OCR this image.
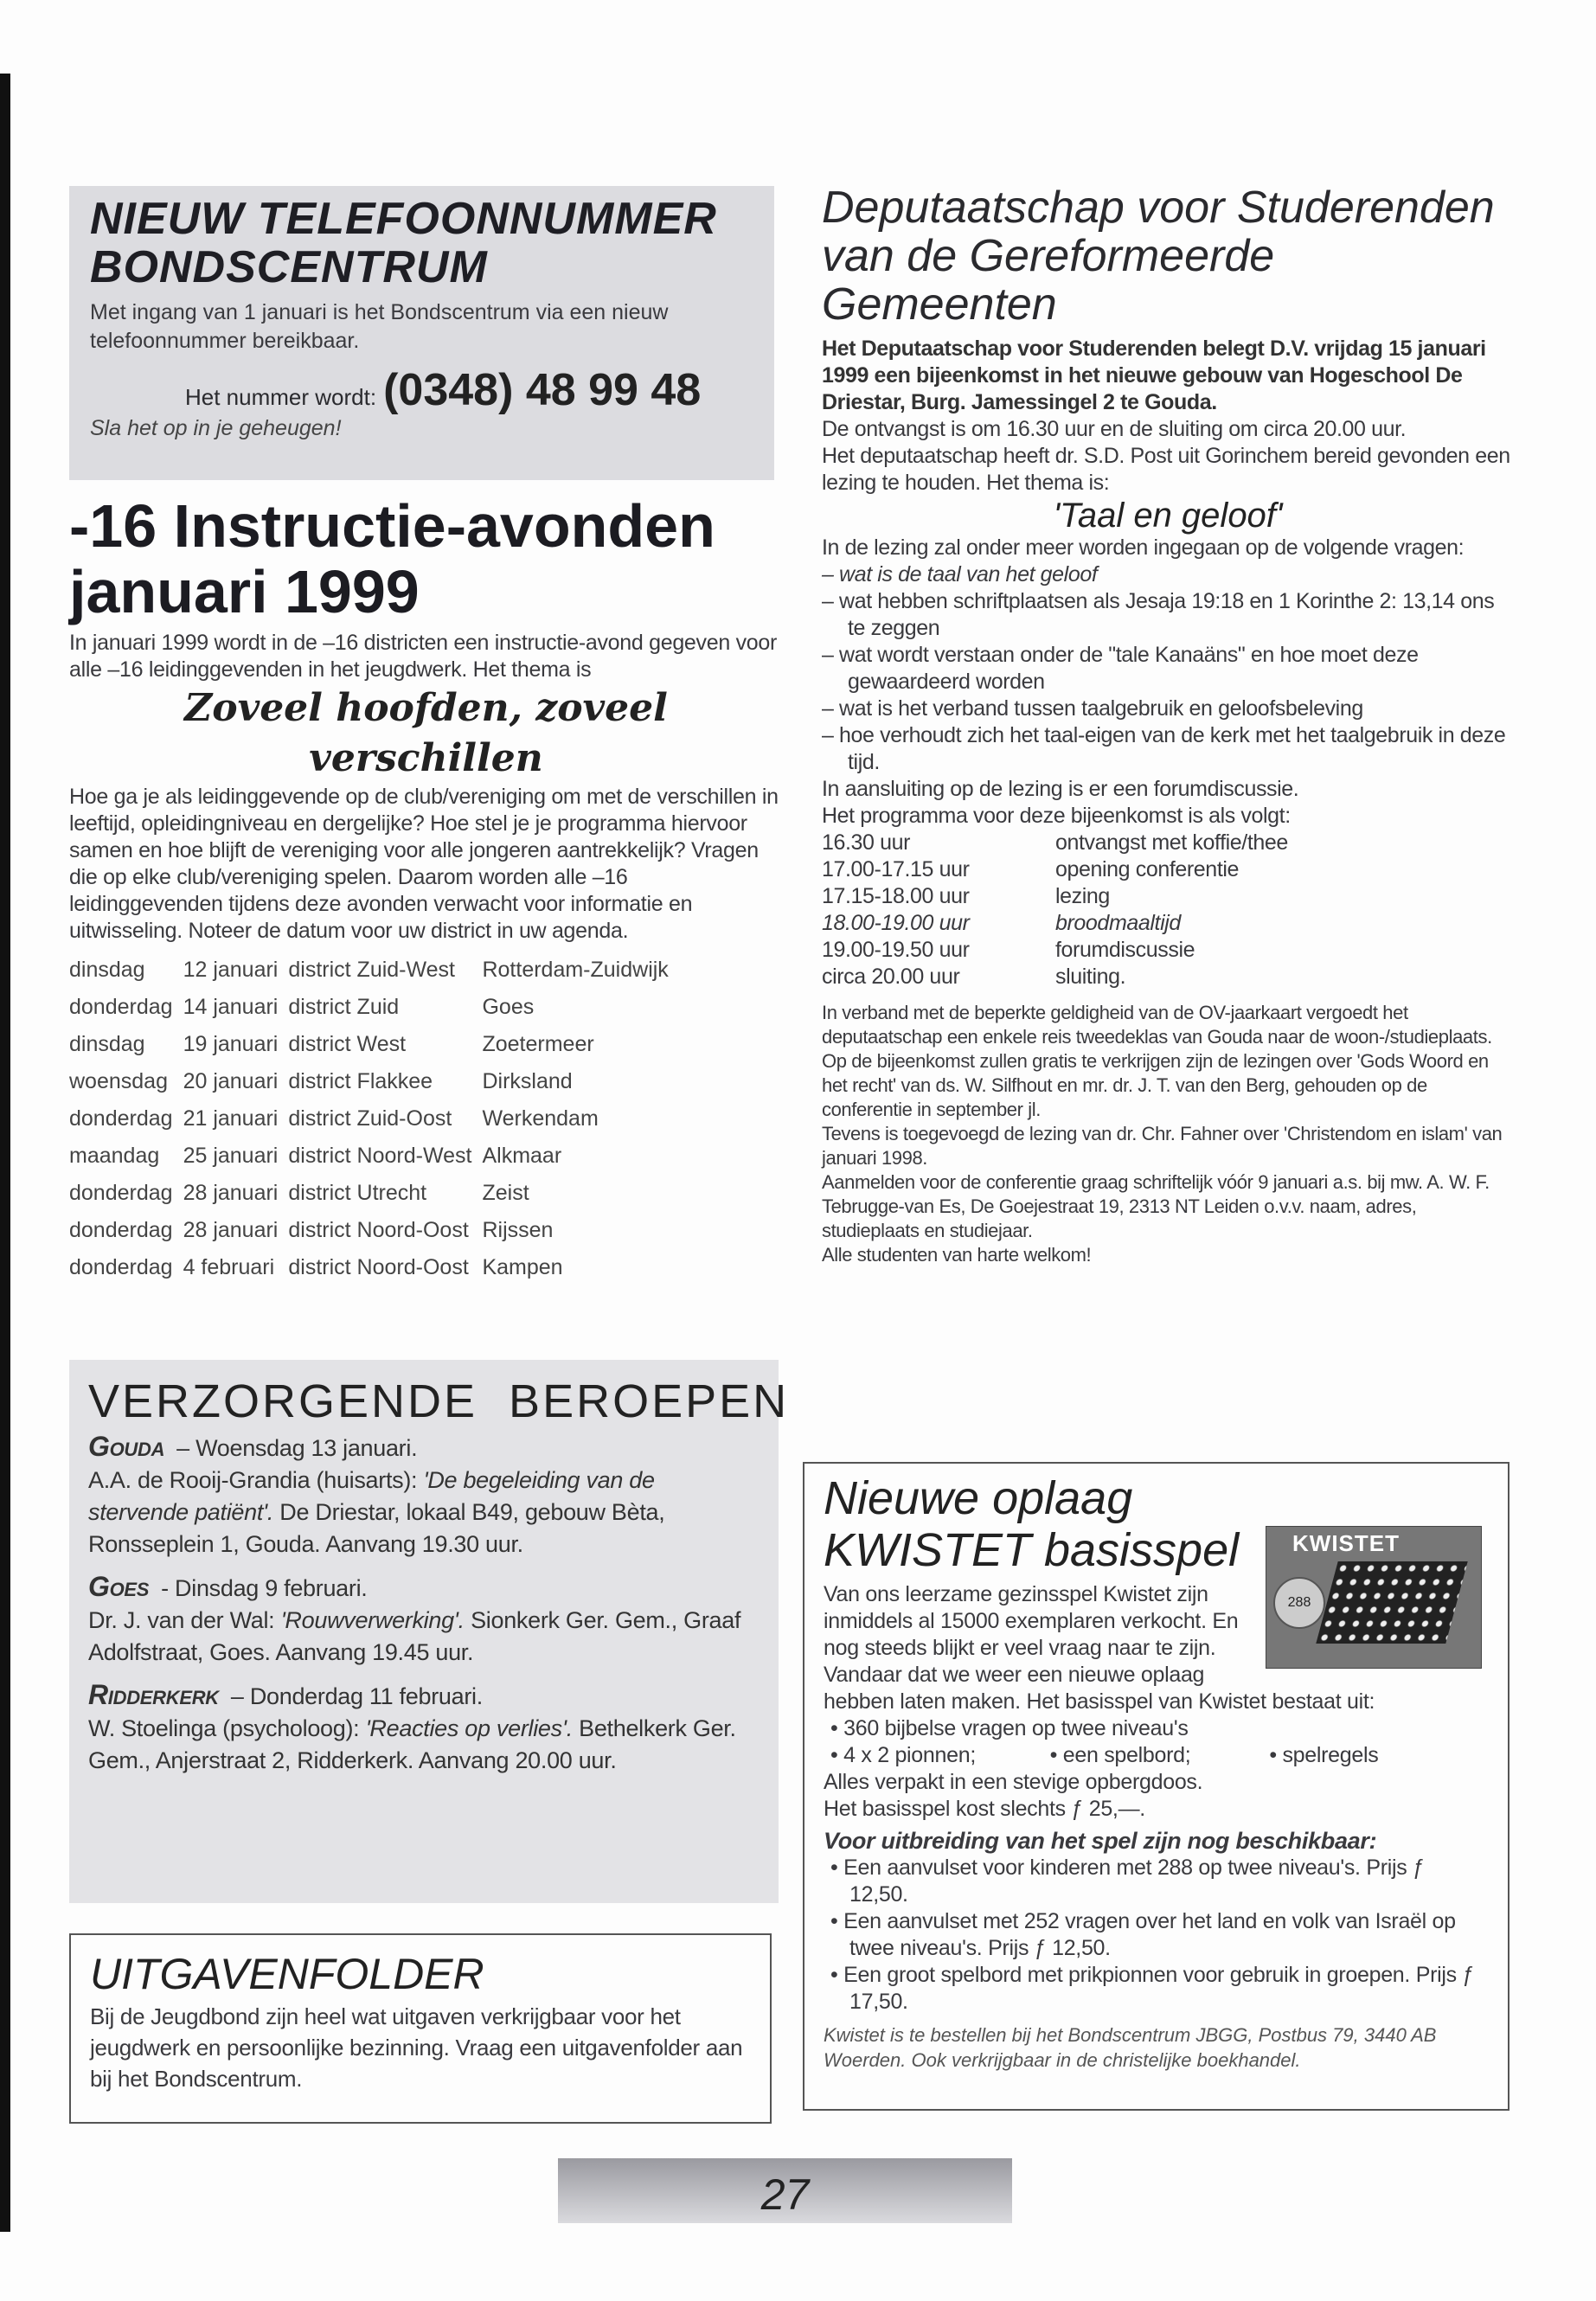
NIEUW TELEFOONNUMMER BONDSCENTRUM

Met ingang van 1 januari is het Bondscentrum via een nieuw telefoonnummer bereikbaar.

Het nummer wordt: (0348) 48 99 48
Sla het op in je geheugen!
-16 Instructie-avonden januari 1999

In januari 1999 wordt in de –16 districten een instructie-avond gegeven voor alle –16 leidinggevenden in het jeugdwerk. Het thema is

Zoveel hoofden, zoveel verschillen

Hoe ga je als leidinggevende op de club/vereniging om met de verschillen in leeftijd, opleidingniveau en dergelijke? Hoe stel je je programma hiervoor samen en hoe blijft de vereniging voor alle jongeren aantrekkelijk? Vragen die op elke club/vereniging spelen. Daarom worden alle –16 leidinggevenden tijdens deze avonden verwacht voor informatie en uitwisseling. Noteer de datum voor uw district in uw agenda.

dinsdag	12 januari	district Zuid-West	Rotterdam-Zuidwijk
donderdag	14 januari	district Zuid	Goes
dinsdag	19 januari	district West	Zoetermeer
woensdag	20 januari	district Flakkee	Dirksland
donderdag	21 januari	district Zuid-Oost	Werkendam
maandag	25 januari	district Noord-West	Alkmaar
donderdag	28 januari	district Utrecht	Zeist
donderdag	28 januari	district Noord-Oost	Rijssen
donderdag	4 februari	district Noord-Oost	Kampen
VERZORGENDE  BEROEPEN
Gouda – Woensdag 13 januari.

A.A. de Rooij-Grandia (huisarts): 'De begeleiding van de stervende patiënt'. De Driestar, lokaal B49, gebouw Bèta, Ronsseplein 1, Gouda. Aanvang 19.30 uur.

Goes - Dinsdag 9 februari.

Dr. J. van der Wal: 'Rouwverwerking'. Sionkerk Ger. Gem., Graaf Adolfstraat, Goes. Aanvang 19.45 uur.

Ridderkerk – Donderdag 11 februari.

W. Stoelinga (psycholoog): 'Reacties op verlies'. Bethelkerk Ger. Gem., Anjerstraat 2, Ridderkerk. Aanvang 20.00 uur.

UITGAVENFOLDER

Bij de Jeugdbond zijn heel wat uitgaven verkrijgbaar voor het jeugdwerk en persoonlijke bezinning. Vraag een uitgavenfolder aan bij het Bondscentrum.

Deputaatschap voor Studerenden van de Gereformeerde Gemeenten

Het Deputaatschap voor Studerenden belegt D.V. vrijdag 15 januari 1999 een bijeenkomst in het nieuwe gebouw van Hogeschool De Driestar, Burg. Jamessingel 2 te Gouda.

De ontvangst is om 16.30 uur en de sluiting om circa 20.00 uur.

Het deputaatschap heeft dr. S.D. Post uit Gorinchem bereid gevonden een lezing te houden. Het thema is:

'Taal en geloof'

In de lezing zal onder meer worden ingegaan op de volgende vragen:

– wat is de taal van het geloof
– wat hebben schriftplaatsen als Jesaja 19:18 en 1 Korinthe 2: 13,14 ons te zeggen
– wat wordt verstaan onder de "tale Kanaäns" en hoe moet deze gewaardeerd worden
– wat is het verband tussen taalgebruik en geloofsbeleving
– hoe verhoudt zich het taal-eigen van de kerk met het taalgebruik in deze tijd.

In aansluiting op de lezing is er een forumdiscussie.

Het programma voor deze bijeenkomst is als volgt:

16.30 uur	ontvangst met koffie/thee
17.00-17.15 uur	opening conferentie
17.15-18.00 uur	lezing
18.00-19.00 uur	broodmaaltijd
19.00-19.50 uur	forumdiscussie
circa 20.00 uur	sluiting.

In verband met de beperkte geldigheid van de OV-jaarkaart vergoedt het deputaatschap een enkele reis tweedeklas van Gouda naar de woon-/studieplaats.

Op de bijeenkomst zullen gratis te verkrijgen zijn de lezingen over 'Gods Woord en het recht' van ds. W. Silfhout en mr. dr. J. T. van den Berg, gehouden op de conferentie in september jl.

Tevens is toegevoegd de lezing van dr. Chr. Fahner over 'Christendom en islam' van januari 1998.

Aanmelden voor de conferentie graag schriftelijk vóór 9 januari a.s. bij mw. A. W. F. Tebrugge-van Es, De Goejestraat 19, 2313 NT Leiden o.v.v. naam, adres, studieplaats en studiejaar.

Alle studenten van harte welkom!

Nieuwe oplaag KWISTET basisspel	KWISTET
288

Van ons leerzame gezinsspel Kwistet zijn inmiddels al 15000 exemplaren verkocht. En nog steeds blijkt er veel vraag naar te zijn. Vandaar dat we weer een nieuwe oplaag hebben laten maken. Het basisspel van Kwistet bestaat uit:

• 360 bijbelse vragen op twee niveau's
• 4 x 2 pionnen;	• een spelbord;	• spelregels

Alles verpakt in een stevige opbergdoos.

Het basisspel kost slechts ƒ 25,—.

Voor uitbreiding van het spel zijn nog beschikbaar:

• Een aanvulset voor kinderen met 288 op twee niveau's. Prijs ƒ 12,50.
• Een aanvulset met 252 vragen over het land en volk van Israël op twee niveau's. Prijs ƒ 12,50.
• Een groot spelbord met prikpionnen voor gebruik in groepen. Prijs ƒ 17,50.

Kwistet is te bestellen bij het Bondscentrum JBGG, Postbus 79, 3440 AB Woerden. Ook verkrijgbaar in de christelijke boekhandel.

27
